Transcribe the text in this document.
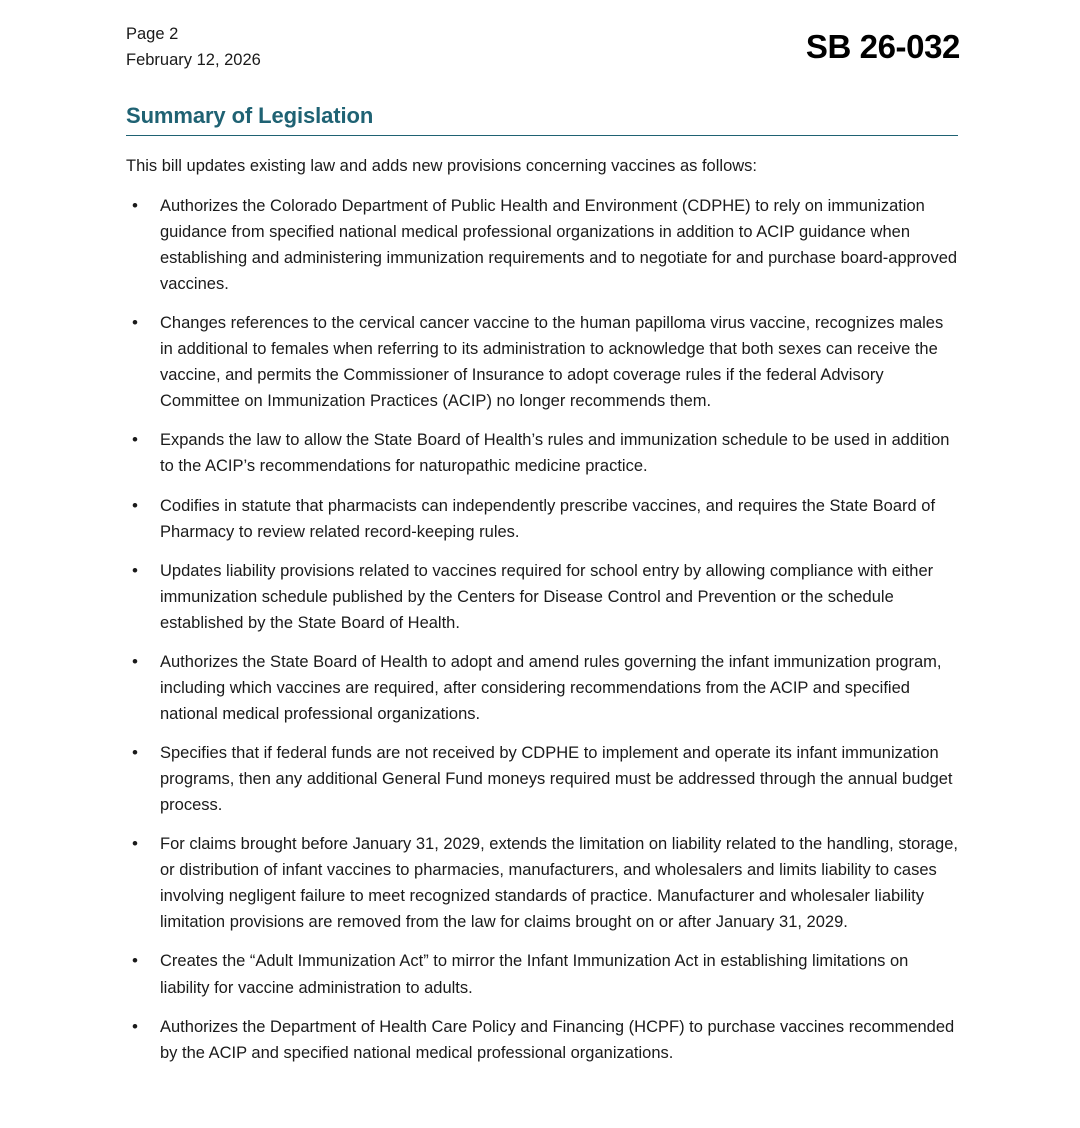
Page 2
February 12, 2026	SB 26-032
Summary of Legislation

This bill updates existing law and adds new provisions concerning vaccines as follows:

• Authorizes the Colorado Department of Public Health and Environment (CDPHE) to rely on immunization guidance from specified national medical professional organizations in addition to ACIP guidance when establishing and administering immunization requirements and to negotiate for and purchase board-approved vaccines.
• Changes references to the cervical cancer vaccine to the human papilloma virus vaccine, recognizes males in additional to females when referring to its administration to acknowledge that both sexes can receive the vaccine, and permits the Commissioner of Insurance to adopt coverage rules if the federal Advisory Committee on Immunization Practices (ACIP) no longer recommends them.
• Expands the law to allow the State Board of Health’s rules and immunization schedule to be used in addition to the ACIP’s recommendations for naturopathic medicine practice.
• Codifies in statute that pharmacists can independently prescribe vaccines, and requires the State Board of Pharmacy to review related record-keeping rules.
• Updates liability provisions related to vaccines required for school entry by allowing compliance with either immunization schedule published by the Centers for Disease Control and Prevention or the schedule established by the State Board of Health.
• Authorizes the State Board of Health to adopt and amend rules governing the infant immunization program, including which vaccines are required, after considering recommendations from the ACIP and specified national medical professional organizations.
• Specifies that if federal funds are not received by CDPHE to implement and operate its infant immunization programs, then any additional General Fund moneys required must be addressed through the annual budget process.
• For claims brought before January 31, 2029, extends the limitation on liability related to the handling, storage, or distribution of infant vaccines to pharmacies, manufacturers, and wholesalers and limits liability to cases involving negligent failure to meet recognized standards of practice. Manufacturer and wholesaler liability limitation provisions are removed from the law for claims brought on or after January 31, 2029.
• Creates the “Adult Immunization Act” to mirror the Infant Immunization Act in establishing limitations on liability for vaccine administration to adults.
• Authorizes the Department of Health Care Policy and Financing (HCPF) to purchase vaccines recommended by the ACIP and specified national medical professional organizations.
